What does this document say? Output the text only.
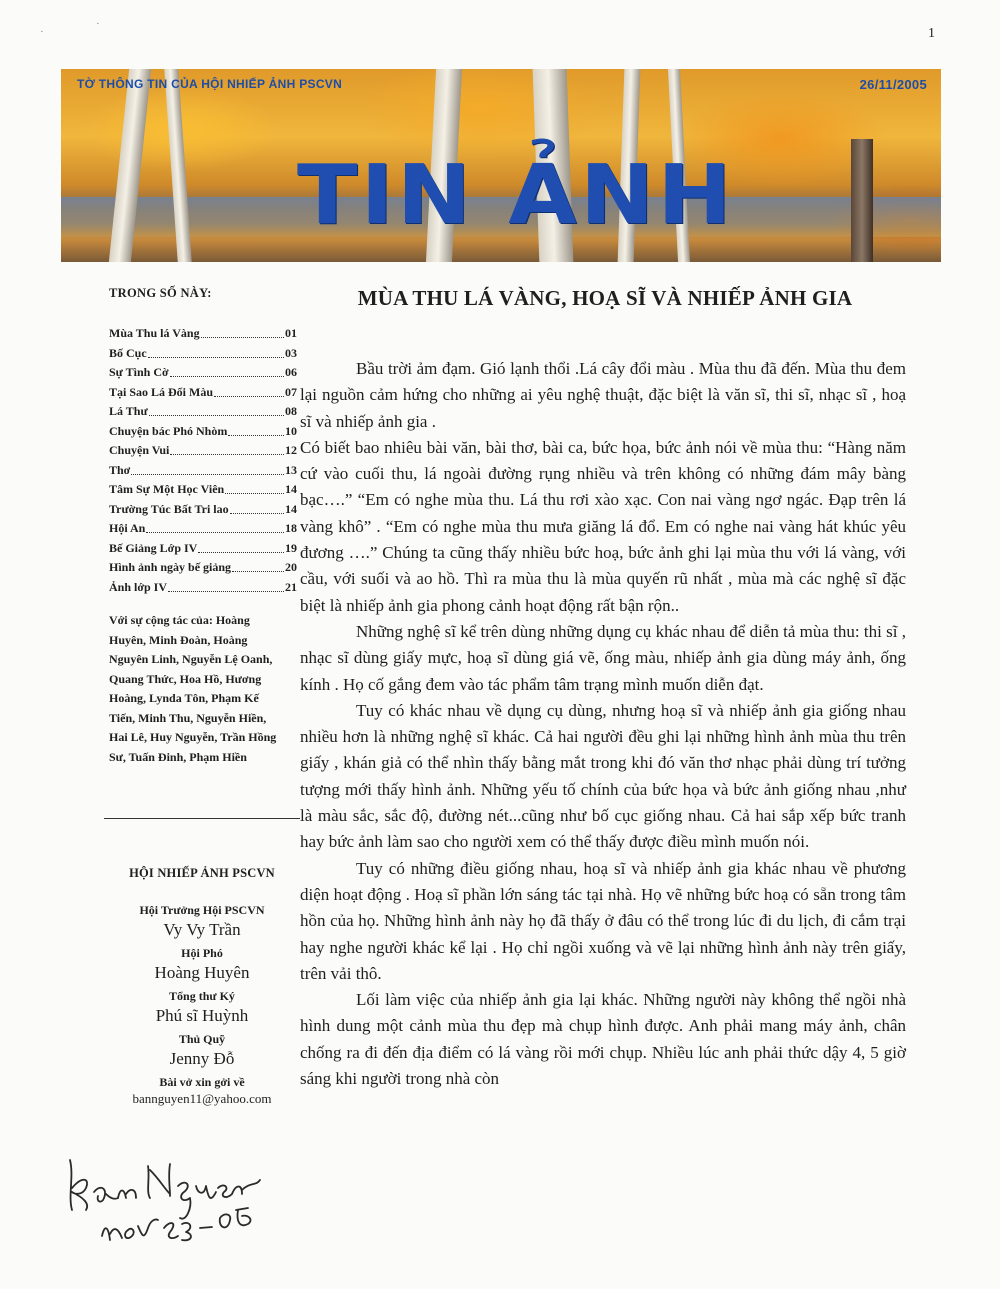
1
·
·
TỜ THÔNG TIN CỦA HỘI NHIẾP ẢNH PSCVN	26/11/2005
TIN ẢNH
TRONG SỐ NÀY:
Mùa Thu lá Vàng	01
Bố Cục	03
Sự Tình Cờ	06
Tại Sao Lá Đổi Màu	07
Lá Thư	08
Chuyện bác Phó Nhòm	10
Chuyện Vui	12
Thơ	13
Tâm Sự Một Học Viên	14
Trường Túc Bất Tri lao	14
Hội An	18
Bế Giảng Lớp IV	19
Hình ảnh ngày bế giảng	20
Ảnh lớp IV	21
Với sự cộng tác của: Hoàng Huyên, Minh Đoàn, Hoàng Nguyên Linh, Nguyễn Lệ Oanh, Quang Thức, Hoa Hồ, Hương Hoàng, Lynda Tôn, Phạm Kế Tiến, Minh Thu, Nguyễn Hiền, Hai Lê, Huy Nguyễn, Trần Hồng Sư, Tuấn Đinh, Phạm Hiền
HỘI NHIẾP ẢNH PSCVN
Hội Trưởng Hội PSCVN
Vy Vy Trần
Hội Phó
Hoàng Huyên
Tổng thư Ký
Phú sĩ Huỳnh
Thủ Quỹ
Jenny Đỗ
Bài vở xin gởi về
bannguyen11@yahoo.com
MÙA THU LÁ VÀNG, HOẠ SĨ VÀ NHIẾP ẢNH GIA

Bầu trời ảm đạm. Gió lạnh thổi .Lá cây đổi màu . Mùa thu đã đến. Mùa thu đem lại nguồn cảm hứng cho những ai yêu nghệ thuật, đặc biệt là văn sĩ, thi sĩ, nhạc sĩ , hoạ sĩ và nhiếp ảnh gia .

Có biết bao nhiêu bài văn, bài thơ, bài ca, bức họa, bức ảnh nói về mùa thu: “Hàng năm cứ vào cuối thu, lá ngoài đường rụng nhiều và trên không có những đám mây bàng bạc….” “Em có nghe mùa thu. Lá thu rơi xào xạc. Con nai vàng ngơ ngác. Đạp trên lá vàng khô” . “Em có nghe mùa thu mưa giăng lá đổ. Em có nghe nai vàng hát khúc yêu đương ….” Chúng ta cũng thấy nhiều bức hoạ, bức ảnh ghi lại mùa thu với lá vàng, với cầu, với suối và ao hồ. Thì ra mùa thu là mùa quyến rũ nhất , mùa mà các nghệ sĩ đặc biệt là nhiếp ảnh gia phong cảnh hoạt động rất bận rộn..

Những nghệ sĩ kể trên dùng những dụng cụ khác nhau để diễn tả mùa thu: thi sĩ , nhạc sĩ dùng giấy mực, hoạ sĩ dùng giá vẽ, ống màu, nhiếp ảnh gia dùng máy ảnh, ống kính . Họ cố gắng đem vào tác phẩm tâm trạng mình muốn diễn đạt.

Tuy có khác nhau về dụng cụ dùng, nhưng hoạ sĩ và nhiếp ảnh gia giống nhau nhiều hơn là những nghệ sĩ khác. Cả hai người đều ghi lại những hình ảnh mùa thu trên giấy , khán giả có thể nhìn thấy bằng mắt trong khi đó văn thơ nhạc phải dùng trí tưởng tượng mới thấy hình ảnh. Những yếu tố chính của bức họa và bức ảnh giống nhau ,như là màu sắc, sắc độ, đường nét...cũng như bố cục giống nhau. Cả hai sắp xếp bức tranh hay bức ảnh làm sao cho người xem có thể thấy được điều mình muốn nói.

Tuy có những điều giống nhau, hoạ sĩ và nhiếp ảnh gia khác nhau về phương diện hoạt động . Hoạ sĩ phần lớn sáng tác tại nhà. Họ vẽ những bức hoạ có sẵn trong tâm hồn của họ. Những hình ảnh này họ đã thấy ở đâu có thể trong lúc đi du lịch, đi cắm trại hay nghe người khác kể lại . Họ chỉ ngồi xuống và vẽ lại những hình ảnh này trên giấy, trên vải thô.

Lối làm việc của nhiếp ảnh gia lại khác. Những người này không thể ngồi nhà hình dung một cảnh mùa thu đẹp mà chụp hình được. Anh phải mang máy ảnh, chân chống ra đi đến địa điểm có lá vàng rồi mới chụp. Nhiều lúc anh phải thức dậy 4, 5 giờ sáng khi người trong nhà còn
